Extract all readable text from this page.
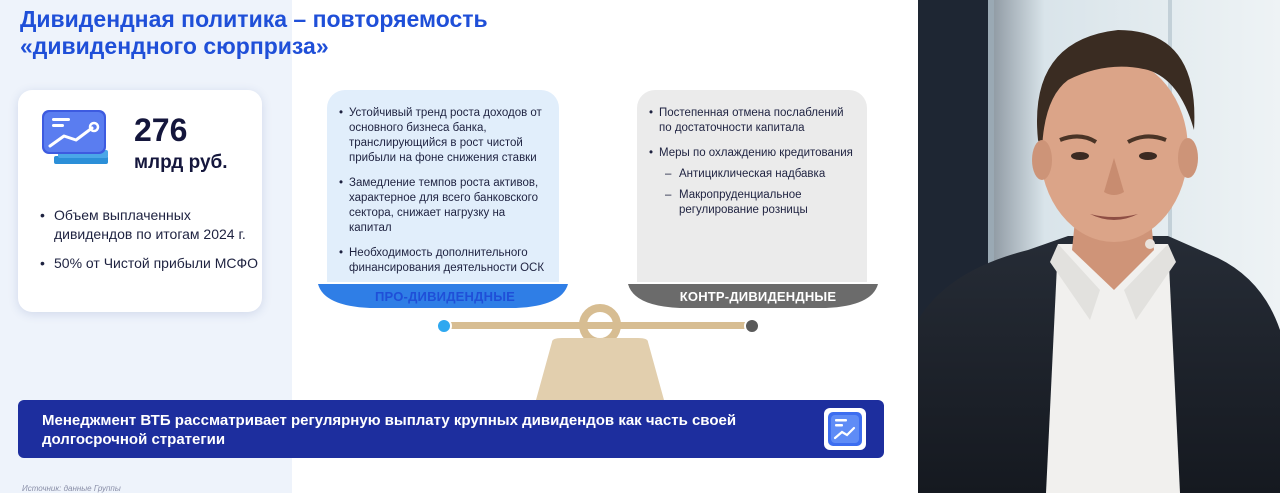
Дивидендная политика – повторяемость «дивидендного сюрприза»
276
млрд руб.
• Объем выплаченных дивидендов по итогам 2024 г.
• 50% от Чистой прибыли МСФО
• Устойчивый тренд роста доходов от основного бизнеса банка, транслирующийся в рост чистой прибыли на фоне снижения ставки
• Замедление темпов роста активов, характерное для всего банковского сектора, снижает нагрузку на капитал
• Необходимость дополнительного финансирования деятельности ОСК
• Постепенная отмена послаблений по достаточности капитала
• Меры по охлаждению кредитования
– Антициклическая надбавка
– Макропруденциальное регулирование розницы
ПРО-ДИВИДЕНДНЫЕ	КОНТР-ДИВИДЕНДНЫЕ
Менеджмент ВТБ рассматривает регулярную выплату крупных дивидендов как часть своей долгосрочной стратегии
Источник: данные Группы
